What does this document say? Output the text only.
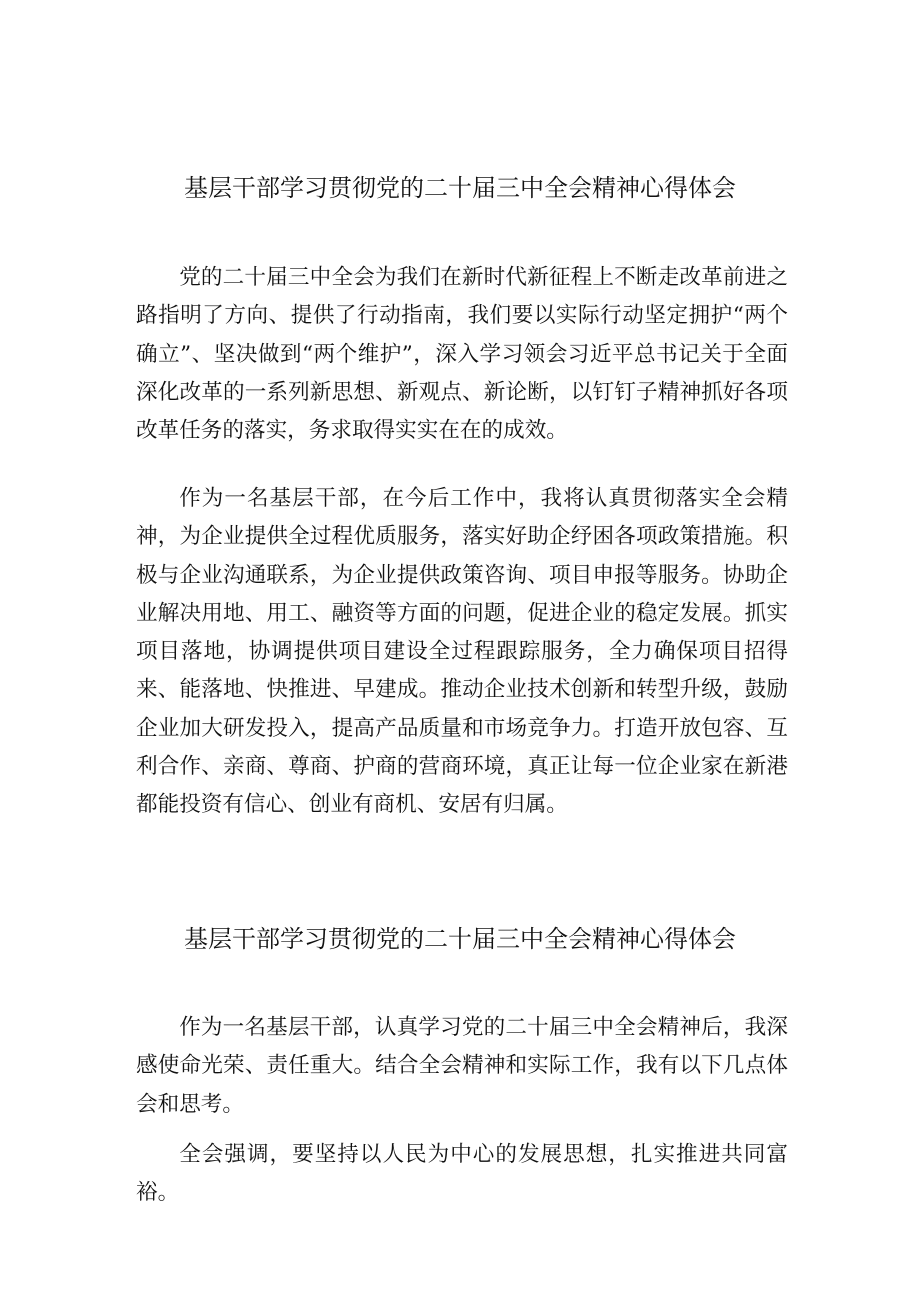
基层干部学习贯彻党的二十届三中全会精神心得体会

党的二十届三中全会为我们在新时代新征程上不断走改革前进之路指明了方向、提供了行动指南，我们要以实际行动坚定拥护“两个确立”、坚决做到“两个维护”，深入学习领会习近平总书记关于全面深化改革的一系列新思想、新观点、新论断，以钉钉子精神抓好各项改革任务的落实，务求取得实实在在的成效。

作为一名基层干部，在今后工作中，我将认真贯彻落实全会精神，为企业提供全过程优质服务，落实好助企纾困各项政策措施。积极与企业沟通联系，为企业提供政策咨询、项目申报等服务。协助企业解决用地、用工、融资等方面的问题，促进企业的稳定发展。抓实项目落地，协调提供项目建设全过程跟踪服务，全力确保项目招得来、能落地、快推进、早建成。推动企业技术创新和转型升级，鼓励企业加大研发投入，提高产品质量和市场竞争力。打造开放包容、互利合作、亲商、尊商、护商的营商环境，真正让每一位企业家在新港都能投资有信心、创业有商机、安居有归属。

基层干部学习贯彻党的二十届三中全会精神心得体会

作为一名基层干部，认真学习党的二十届三中全会精神后，我深感使命光荣、责任重大。结合全会精神和实际工作，我有以下几点体会和思考。

全会强调，要坚持以人民为中心的发展思想，扎实推进共同富裕。
